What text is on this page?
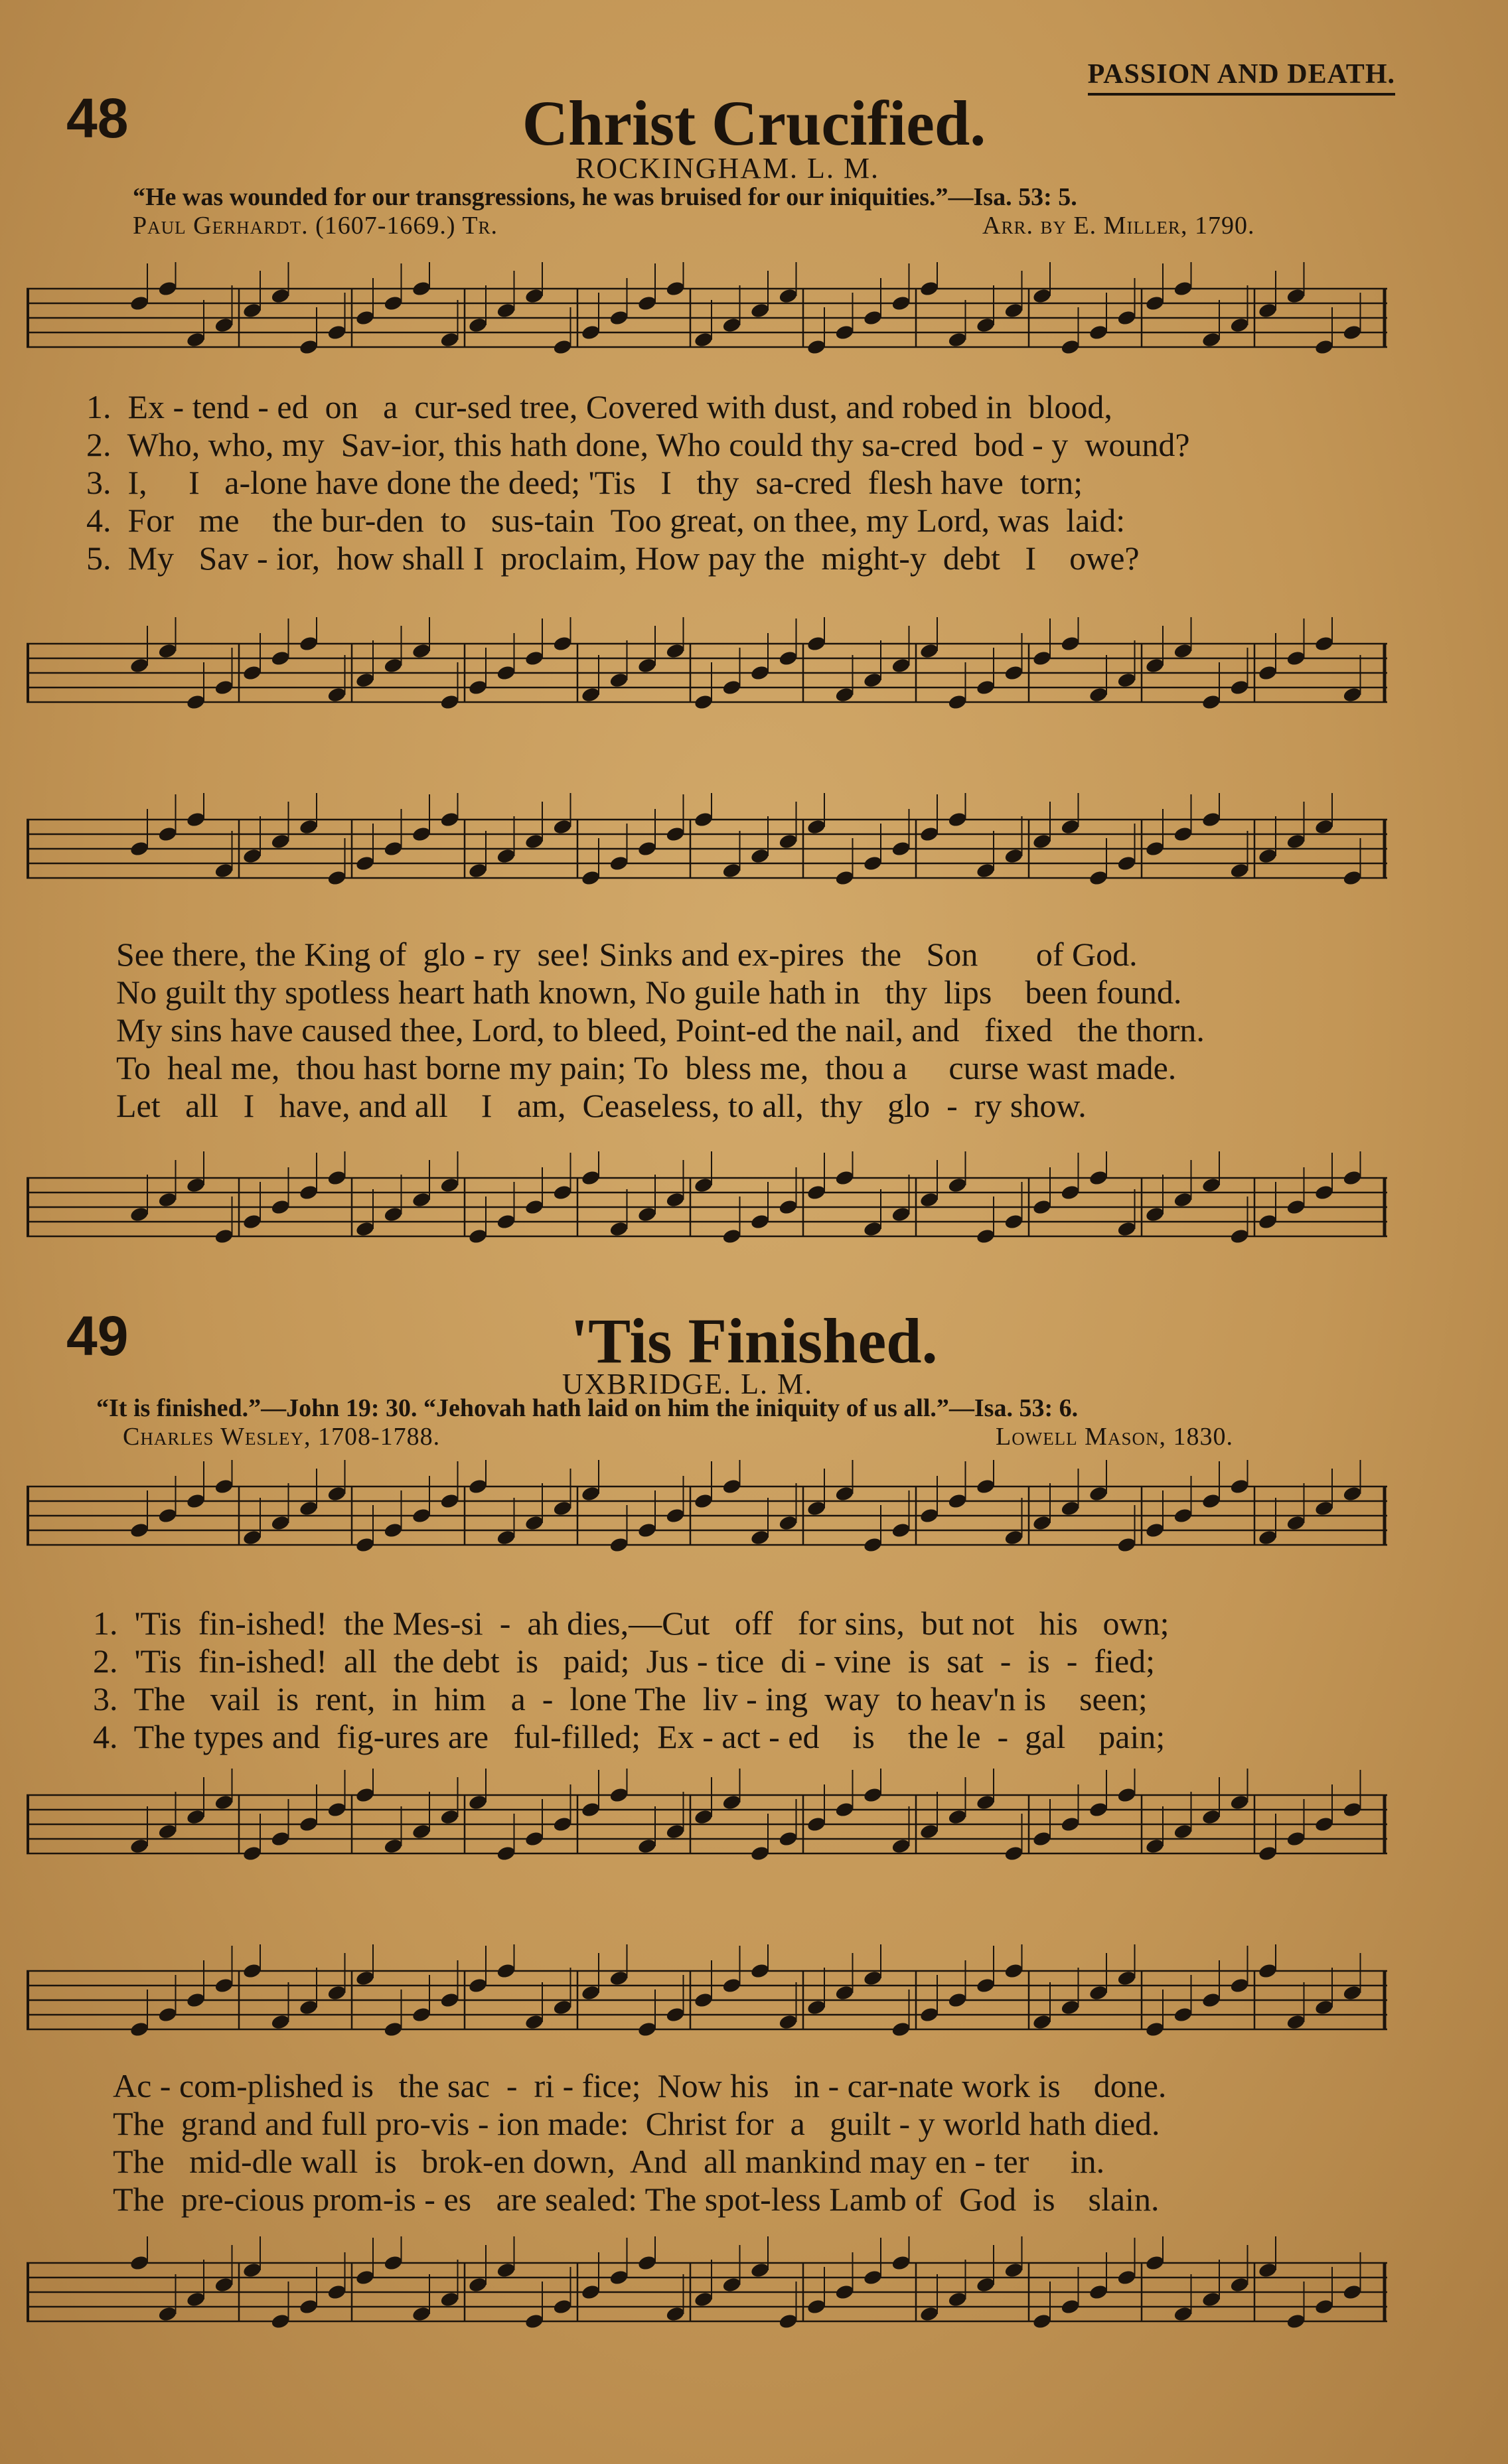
PASSION AND DEATH.
48	Christ Crucified.
ROCKINGHAM. L. M.
“He was wounded for our transgressions, he was bruised for our iniquities.”—Isa. 53: 5.
Paul Gerhardt. (1607-1669.) Tr.	Arr. by E. Miller, 1790.
1.  Ex - tend - ed  on   a  cur-sed tree, Covered with dust, and robed in  blood,
2.  Who, who, my  Sav-ior, this hath done, Who could thy sa-cred  bod - y  wound?
3.  I,     I   a-lone have done the deed; 'Tis   I   thy  sa-cred  flesh have  torn;
4.  For   me    the bur-den  to   sus-tain  Too great, on thee, my Lord, was  laid:
5.  My   Sav - ior,  how shall I  proclaim, How pay the  might-y  debt   I    owe?
See there, the King of  glo - ry  see! Sinks and ex-pires  the   Son       of God.
No guilt thy spotless heart hath known, No guile hath in   thy  lips    been found.
My sins have caused thee, Lord, to bleed, Point-ed the nail, and   fixed   the thorn.
To  heal me,  thou hast borne my pain; To  bless me,  thou a     curse wast made.
Let   all   I   have, and all    I   am,  Ceaseless, to all,  thy   glo  -  ry show.
49	'Tis Finished.
UXBRIDGE. L. M.
“It is finished.”—John 19: 30. “Jehovah hath laid on him the iniquity of us all.”—Isa. 53: 6.
Charles Wesley, 1708-1788.	Lowell Mason, 1830.
1.  'Tis  fin-ished!  the Mes-si  -  ah dies,—Cut   off   for sins,  but not   his   own;
2.  'Tis  fin-ished!  all  the debt  is   paid;  Jus - tice  di - vine  is  sat  -  is  -  fied;
3.  The   vail  is  rent,  in  him   a  -  lone The  liv - ing  way  to heav'n is    seen;
4.  The types and  fig-ures are   ful-filled;  Ex - act - ed    is    the le  -  gal    pain;
Ac - com-plished is   the sac  -  ri - fice;  Now his   in - car-nate work is    done.
The  grand and full pro-vis - ion made:  Christ for  a   guilt - y world hath died.
The   mid-dle wall  is   brok-en down,  And  all mankind may en - ter     in.
The  pre-cious prom-is - es   are sealed: The spot-less Lamb of  God  is    slain.
